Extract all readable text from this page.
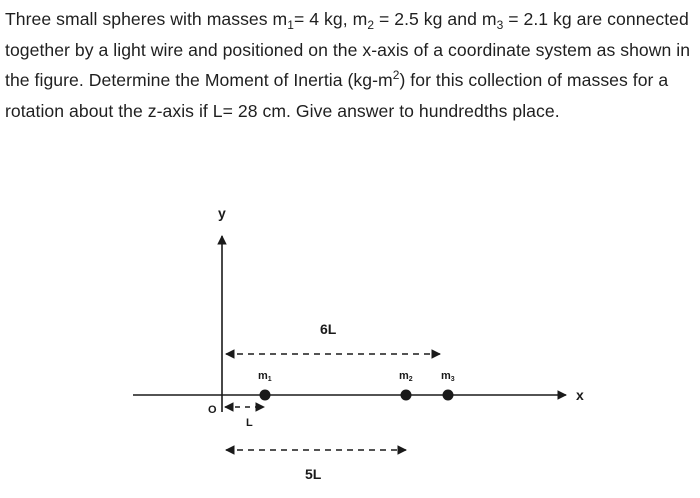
Three small spheres with masses $m_1= 4$ kg, $m_2 = 2.5$ kg and $m_3 = 2.1$ kg are connected together by a light wire and positioned on the x-axis of a coordinate system as shown in the figure. Determine the Moment of Inertia $(kg-m^2)$ for this collection of masses for a rotation about the z-axis if L= 28 cm. Give answer to hundredths place.
y
x
O
6L
L
5L
m1	m2	m3
